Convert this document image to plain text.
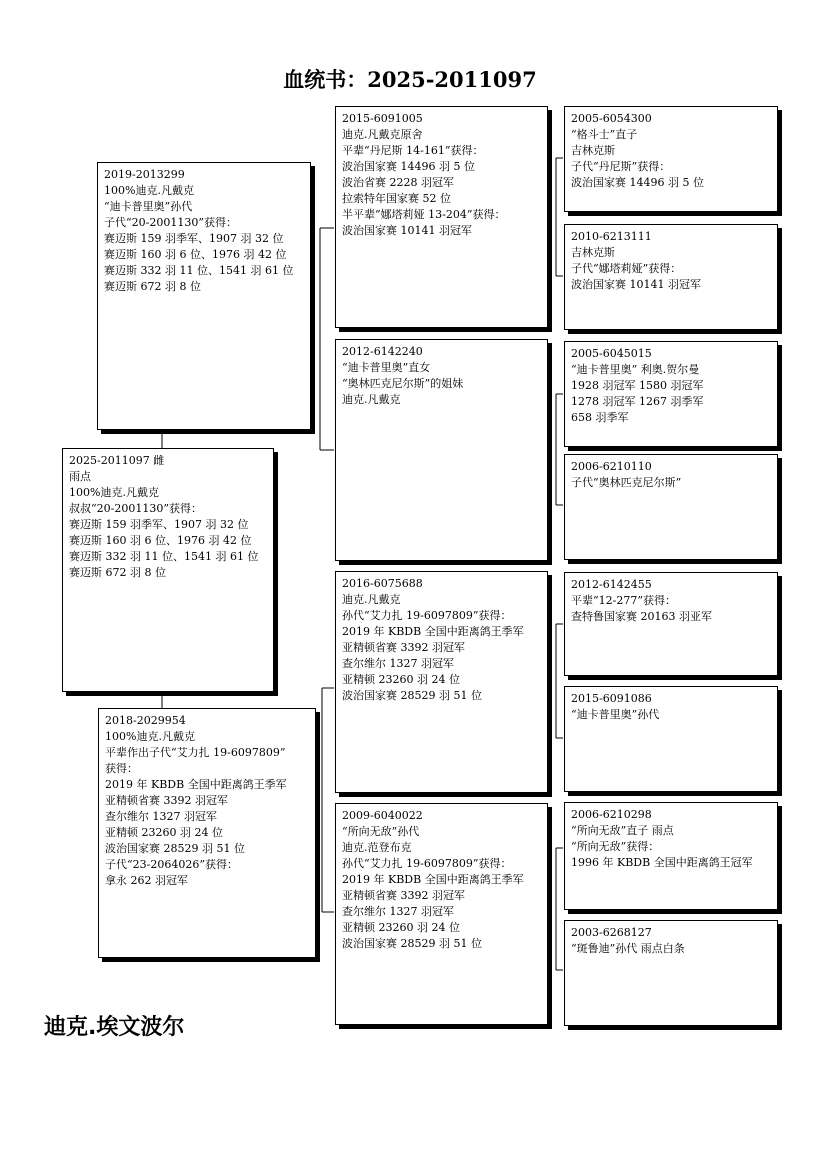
血统书：2025-2011097
2019-2013299
100%迪克.凡戴克
“迪卡普里奥”孙代
子代“20-2001130”获得：
赛迈斯 159 羽季军、1907 羽 32 位
赛迈斯 160 羽 6 位、1976 羽 42 位
赛迈斯 332 羽 11 位、1541 羽 61 位
赛迈斯 672 羽 8 位
2018-2029954
100%迪克.凡戴克
平辈作出子代“艾力扎 19-6097809”
获得：
2019 年 KBDB 全国中距离鸽王季军
亚精顿省赛 3392 羽冠军
查尔维尔 1327 羽冠军
亚精顿 23260 羽 24 位
波治国家赛 28529 羽 51 位
子代“23-2064026”获得：
拿永 262 羽冠军
2025-2011097 雌
雨点
100%迪克.凡戴克
叔叔“20-2001130”获得：
赛迈斯 159 羽季军、1907 羽 32 位
赛迈斯 160 羽 6 位、1976 羽 42 位
赛迈斯 332 羽 11 位、1541 羽 61 位
赛迈斯 672 羽 8 位
2015-6091005
迪克.凡戴克原舍
平辈“丹尼斯 14-161”获得：
波治国家赛 14496 羽 5 位
波治省赛 2228 羽冠军
拉索特年国家赛 52 位
半平辈“娜塔莉娅 13-204”获得：
波治国家赛 10141 羽冠军
2012-6142240
“迪卡普里奥”直女
“奥林匹克尼尔斯”的姐妹
迪克.凡戴克
2016-6075688
迪克.凡戴克
孙代“艾力扎 19-6097809”获得：
2019 年 KBDB 全国中距离鸽王季军
亚精顿省赛 3392 羽冠军
查尔维尔 1327 羽冠军
亚精顿 23260 羽 24 位
波治国家赛 28529 羽 51 位
2009-6040022
“所向无敌”孙代
迪克.范登布克
孙代“艾力扎 19-6097809”获得：
2019 年 KBDB 全国中距离鸽王季军
亚精顿省赛 3392 羽冠军
查尔维尔 1327 羽冠军
亚精顿 23260 羽 24 位
波治国家赛 28529 羽 51 位
2005-6054300
“格斗士”直子
吉林克斯
子代“丹尼斯”获得：
波治国家赛 14496 羽 5 位
2010-6213111
吉林克斯
子代“娜塔莉娅”获得：
波治国家赛 10141 羽冠军
2005-6045015
“迪卡普里奥” 利奥.贺尔曼
1928 羽冠军 1580 羽冠军
1278 羽冠军 1267 羽季军
658 羽季军
2006-6210110
子代“奥林匹克尼尔斯”
2012-6142455
平辈“12-277”获得：
查特鲁国家赛 20163 羽亚军
2015-6091086
“迪卡普里奥”孙代
2006-6210298
“所向无敌”直子 雨点
“所向无敌”获得：
1996 年 KBDB 全国中距离鸽王冠军
2003-6268127
“斑鲁迪”孙代 雨点白条
迪克.埃文波尔
